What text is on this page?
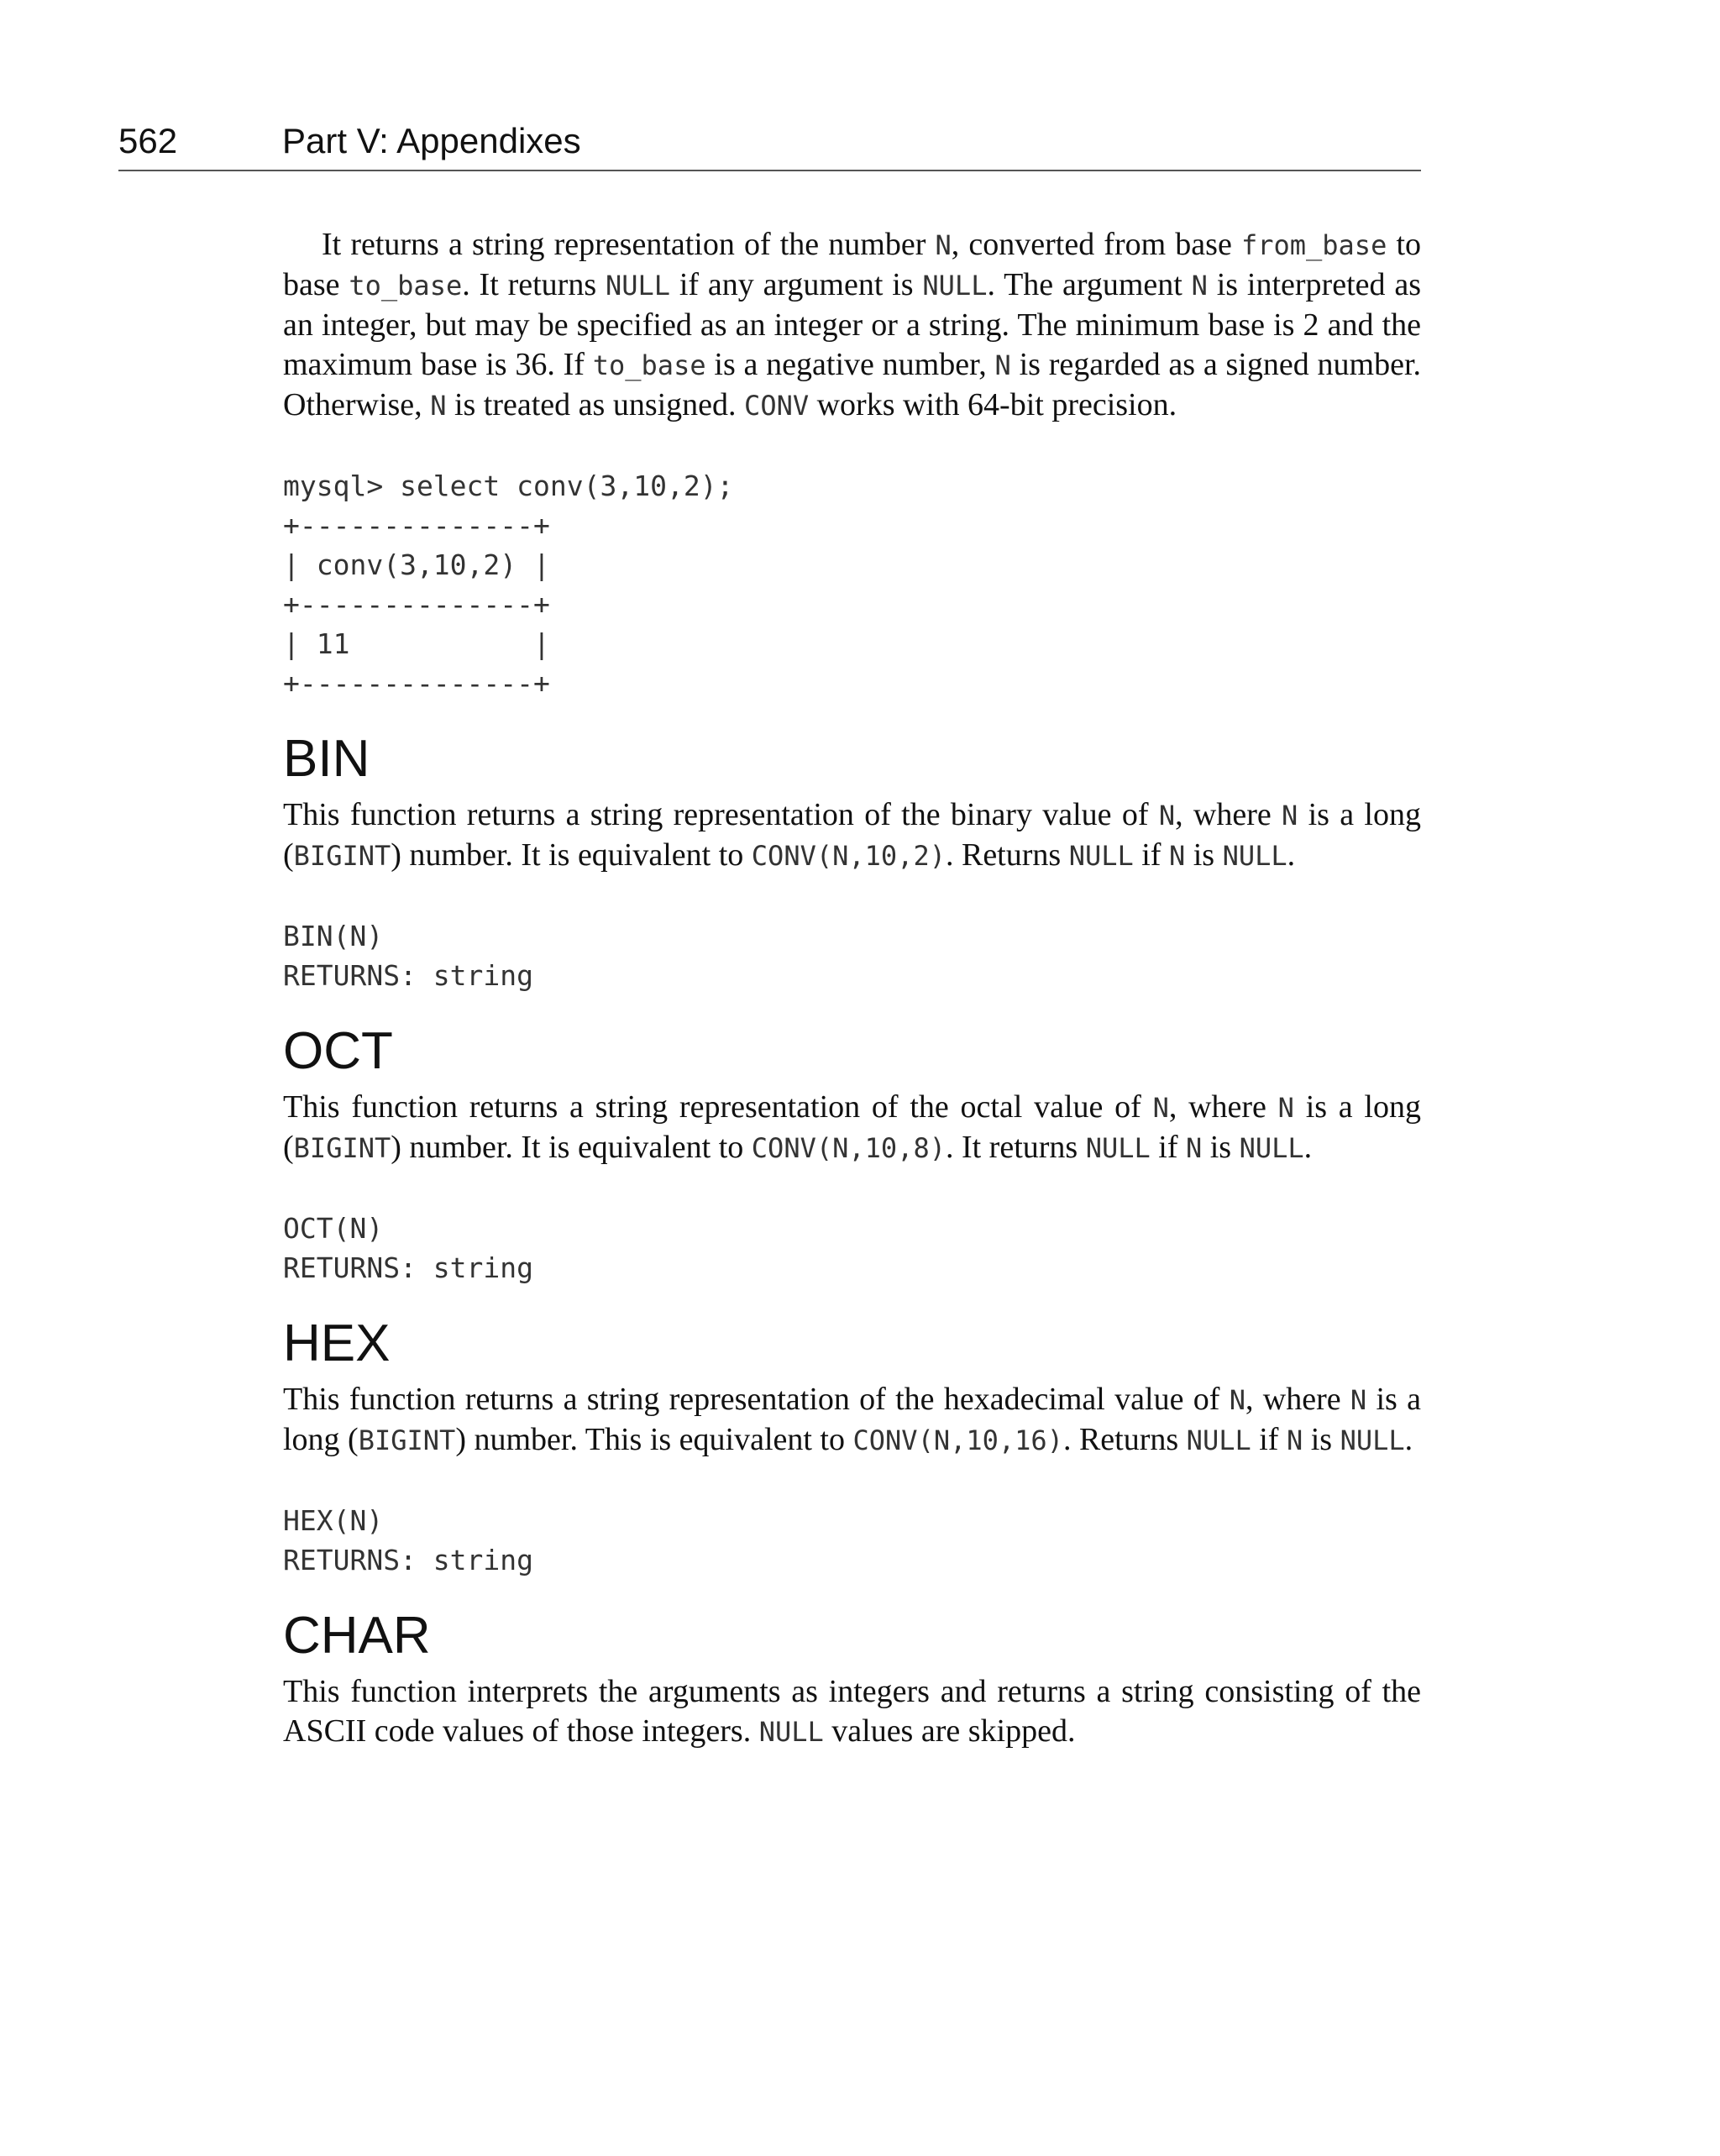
562	Part V: Appendixes

It returns a string representation of the number N, converted from base from_base to base to_base. It returns NULL if any argument is NULL. The argument N is interpreted as an integer, but may be specified as an integer or a string. The minimum base is 2 and the maximum base is 36. If to_base is a negative number, N is regarded as a signed number. Otherwise, N is treated as unsigned. CONV works with 64-bit precision.

mysql> select conv(3,10,2);
+--------------+
| conv(3,10,2) |
+--------------+
| 11           |
+--------------+
BIN

This function returns a string representation of the binary value of N, where N is a long (BIGINT) number. It is equivalent to CONV(N,10,2). Returns NULL if N is NULL.

BIN(N)
RETURNS: string
OCT

This function returns a string representation of the octal value of N, where N is a long (BIGINT) number. It is equivalent to CONV(N,10,8). It returns NULL if N is NULL.

OCT(N)
RETURNS: string
HEX

This function returns a string representation of the hexadecimal value of N, where N is a long (BIGINT) number. This is equivalent to CONV(N,10,16). Returns NULL if N is NULL.

HEX(N)
RETURNS: string
CHAR

This function interprets the arguments as integers and returns a string consisting of the ASCII code values of those integers. NULL values are skipped.
